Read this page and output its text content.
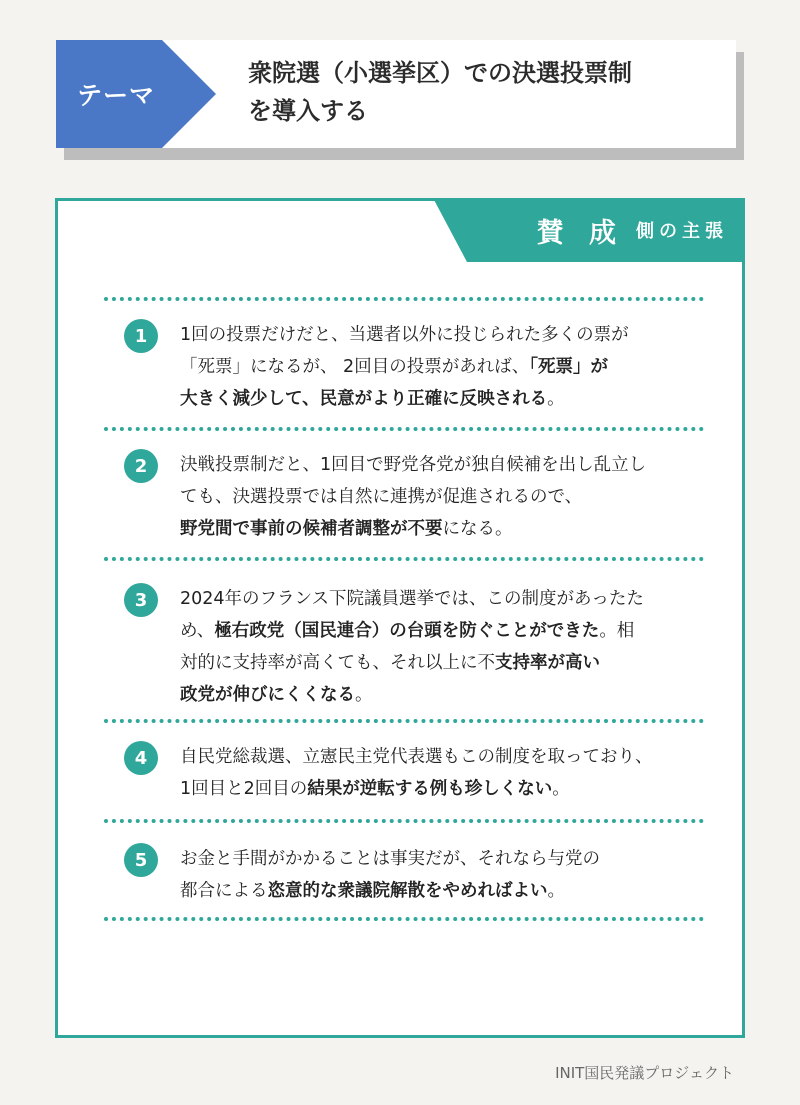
テーマ
衆院選（小選挙区）での決選投票制
を導入する
賛 成 側の主張
1	1回の投票だけだと、当選者以外に投じられた多くの票が
「死票」になるが、 2回目の投票があれば、「死票」が
大きく減少して、民意がより正確に反映される。
2	決戦投票制だと、1回目で野党各党が独自候補を出し乱立し
ても、決選投票では自然に連携が促進されるので、
野党間で事前の候補者調整が不要になる。
3	2024年のフランス下院議員選挙では、この制度があったた
め、極右政党（国民連合）の台頭を防ぐことができた。相
対的に支持率が高くても、それ以上に不支持率が高い
政党が伸びにくくなる。
4	自民党総裁選、立憲民主党代表選もこの制度を取っており、
1回目と2回目の結果が逆転する例も珍しくない。
5	お金と手間がかかることは事実だが、それなら与党の
都合による恣意的な衆議院解散をやめればよい。
INIT国民発議プロジェクト
